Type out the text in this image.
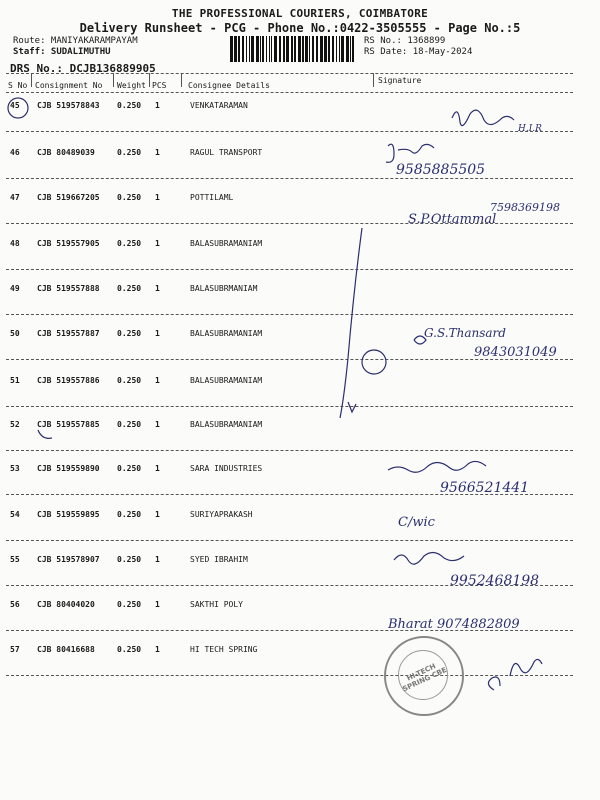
THE PROFESSIONAL COURIERS, COIMBATORE
Delivery Runsheet - PCG - Phone No.:0422-3505555 - Page No.:5
Route: MANIYAKARAMPAYAM
Staff: SUDALIMUTHU
RS No.: 1368899
RS Date: 18-May-2024
DRS No.: DCJB136889905
S No Consignment No Weight PCS	Consignee Details
Signature
45 CJB 519578843 0.250 1	VENKATARAMAN
46 CJB 80489039	0.250 1	RAGUL TRANSPORT
47 CJB 519667205 0.250 1	POTTILAML
48 CJB 519557905 0.250 1	BALASUBRAMANIAM
49 CJB 519557888 0.250 1	BALASUBRMANIAM
50 CJB 519557887 0.250 1	BALASUBRAMANIAM
51 CJB 519557886 0.250 1	BALASUBRAMANIAM
52 CJB 519557885 0.250 1	BALASUBRAMANIAM
53 CJB 519559890 0.250 1	SARA INDUSTRIES
54 CJB 519559895 0.250 1	SURIYAPRAKASH
55 CJB 519578907 0.250 1	SYED IBRAHIM
56 CJB 80404020	0.250 1	SAKTHI POLY
57 CJB 80416688	0.250 1	HI TECH SPRING
H.I.R
9585885505
7598369198
S.P.Ottammal
G.S.Thansard
9843031049
9566521441
C/wic
9952468198
Bharat 9074882809
HI-TECH SPRING CBE
